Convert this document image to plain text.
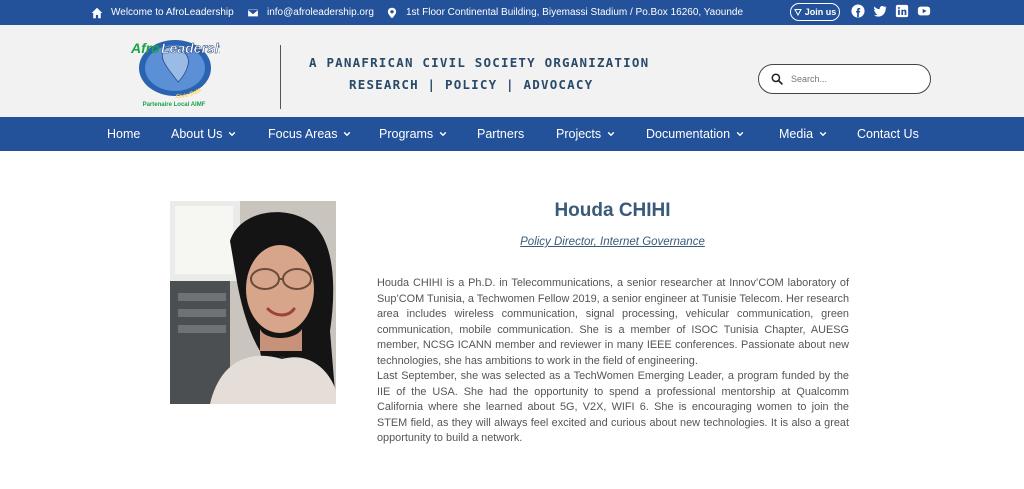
Welcome to AfroLeadership	info@afroleadership.org	1st Floor Continental Building, Biyemassi Stadium / Po.Box 16260, Yaounde	Join us
Afro Leaders
Civic Data
Partenaire Local AIMF
A PANAFRICAN CIVIL SOCIETY ORGANIZATION
RESEARCH | POLICY | ADVOCACY
Search...
Home About Us	Focus Areas	Programs	Partners	Projects	Documentation	Media	Contact Us
Houda CHIHI
Policy Director, Internet Governance

Houda CHIHI is a Ph.D. in Telecommunications, a senior researcher at Innov’COM laboratory of Sup’COM Tunisia, a Techwomen Fellow 2019, a senior engineer at Tunisie Telecom. Her research area includes wireless communication, signal processing, vehicular communication, green communication, mobile communication. She is a member of ISOC Tunisia Chapter, AUESG member, NCSG ICANN member and reviewer in many IEEE conferences. Passionate about new technologies, she has ambitions to work in the field of engineering.

Last September, she was selected as a TechWomen Emerging Leader, a program funded by the IIE of the USA. She had the opportunity to spend a professional mentorship at Qualcomm California where she learned about 5G, V2X, WIFI 6. She is encouraging women to join the STEM field, as they will always feel excited and curious about new technologies. It is also a great opportunity to build a network.
